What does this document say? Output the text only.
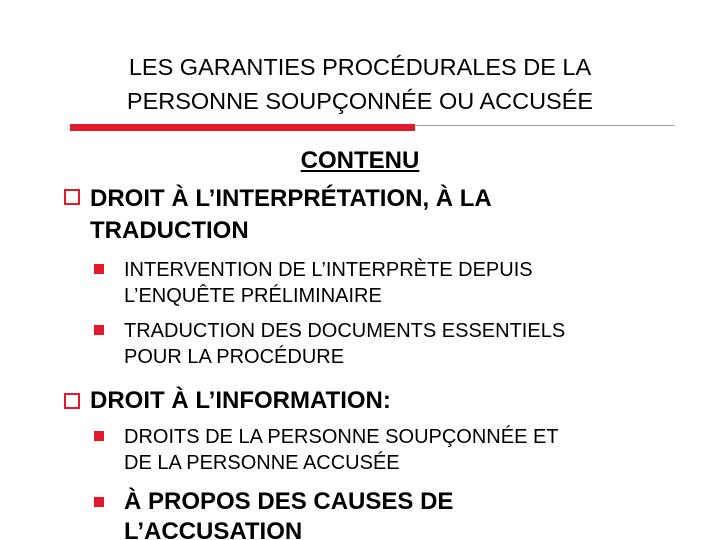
LES GARANTIES PROCÉDURALES DE LA
PERSONNE SOUPÇONNÉE OU ACCUSÉE
CONTENU
DROIT À L’INTERPRÉTATION, À LA
TRADUCTION
INTERVENTION DE L’INTERPRÈTE DEPUIS
L’ENQUÊTE PRÉLIMINAIRE
TRADUCTION DES DOCUMENTS ESSENTIELS
POUR LA PROCÉDURE
DROIT À L’INFORMATION:
DROITS DE LA PERSONNE SOUPÇONNÉE ET
DE LA PERSONNE ACCUSÉE
À PROPOS DES CAUSES DE
L’ACCUSATION
